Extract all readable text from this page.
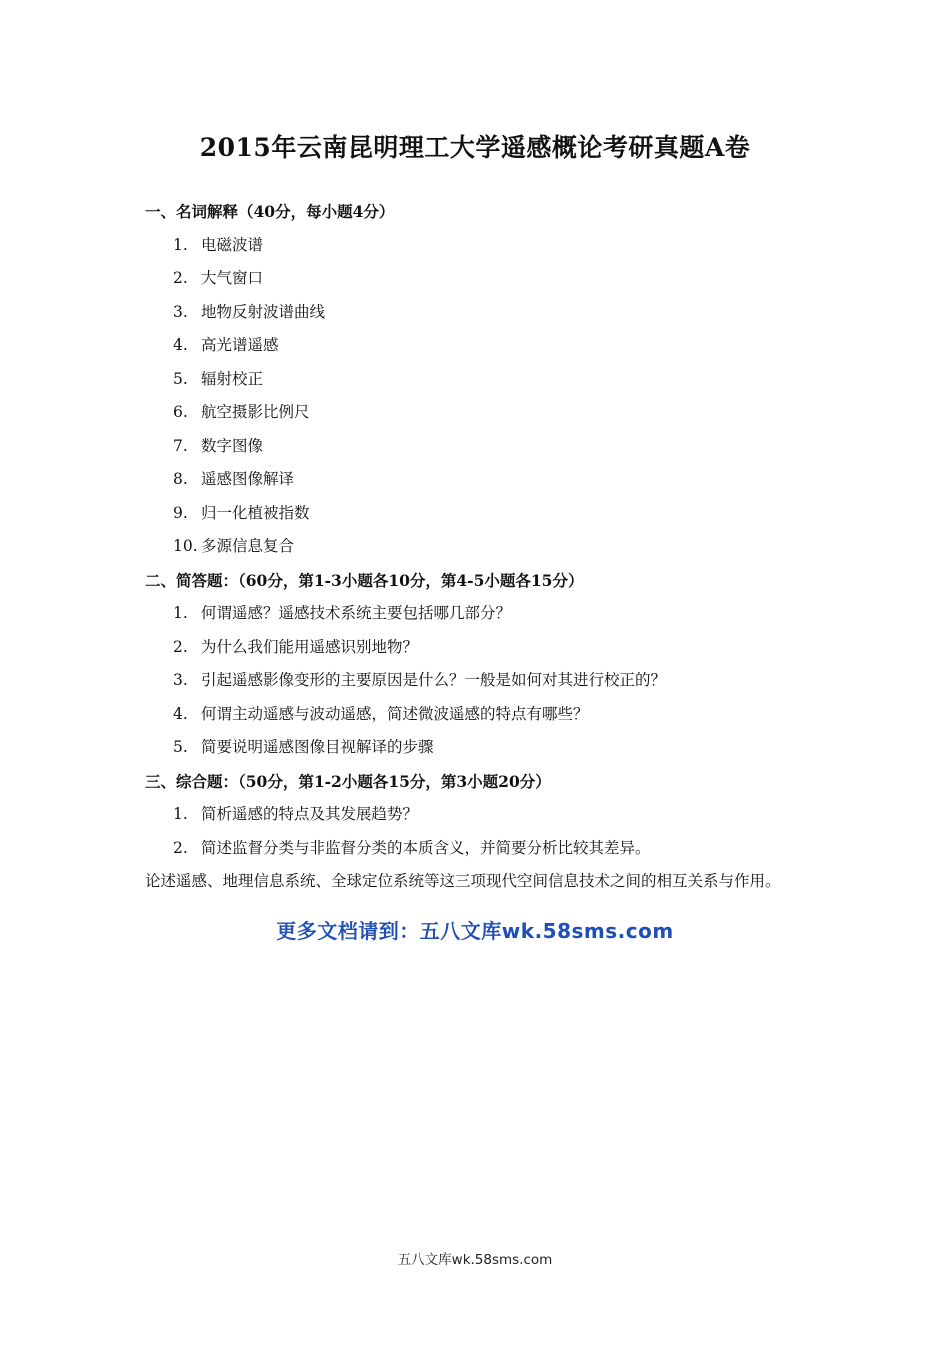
2015年云南昆明理工大学遥感概论考研真题A卷
一、名词解释（40分，每小题4分）
1. 电磁波谱
2. 大气窗口
3. 地物反射波谱曲线
4. 高光谱遥感
5. 辐射校正
6. 航空摄影比例尺
7. 数字图像
8. 遥感图像解译
9. 归一化植被指数
10. 多源信息复合
二、简答题：（60分，第1-3小题各10分，第4-5小题各15分）
1. 何谓遥感？遥感技术系统主要包括哪几部分？
2. 为什么我们能用遥感识别地物？
3. 引起遥感影像变形的主要原因是什么？一般是如何对其进行校正的？
4. 何谓主动遥感与波动遥感，简述微波遥感的特点有哪些？
5. 简要说明遥感图像目视解译的步骤
三、综合题：（50分，第1-2小题各15分，第3小题20分）
1. 简析遥感的特点及其发展趋势？
2. 简述监督分类与非监督分类的本质含义，并简要分析比较其差异。
论述遥感、地理信息系统、全球定位系统等这三项现代空间信息技术之间的相互关系与作用。
更多文档请到：五八文库wk.58sms.com
五八文库wk.58sms.com
